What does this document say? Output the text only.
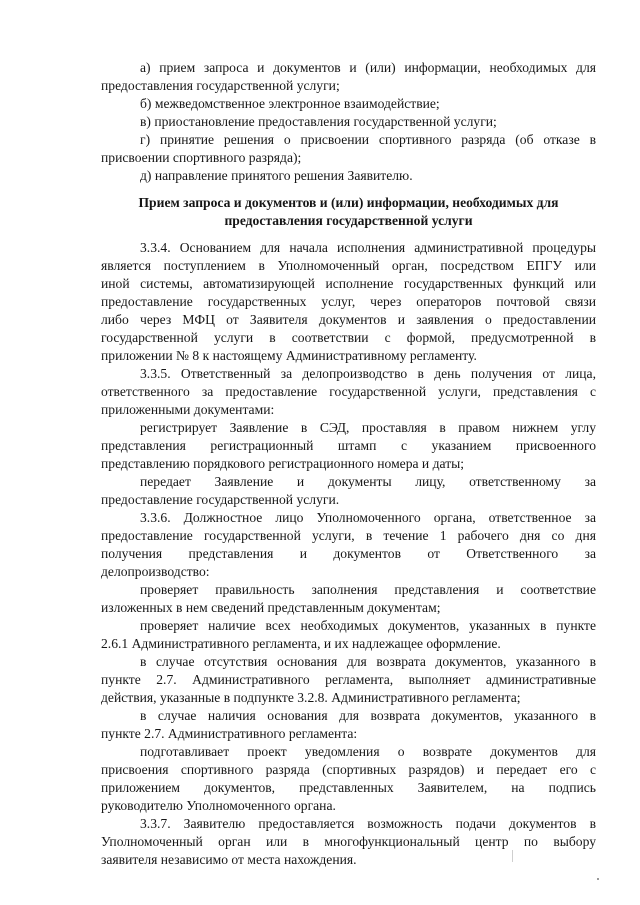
а) прием запроса и документов и (или) информации, необходимых для
предоставления государственной услуги;
б) межведомственное электронное взаимодействие;
в) приостановление предоставления государственной услуги;
г) принятие решения о присвоении спортивного разряда (об отказе в
присвоении спортивного разряда);
д) направление принятого решения Заявителю.
Прием запроса и документов и (или) информации, необходимых для
предоставления государственной услуги
3.3.4. Основанием для начала исполнения административной процедуры
является поступлением в Уполномоченный орган, посредством ЕПГУ или
иной системы, автоматизирующей исполнение государственных функций или
предоставление государственных услуг, через операторов почтовой связи
либо через МФЦ от Заявителя документов и заявления о предоставлении
государственной услуги в соответствии с формой, предусмотренной в
приложении № 8 к настоящему Административному регламенту.
3.3.5. Ответственный за делопроизводство в день получения от лица,
ответственного за предоставление государственной услуги, представления с
приложенными документами:
регистрирует Заявление в СЭД, проставляя в правом нижнем углу
представления регистрационный штамп с указанием присвоенного
представлению порядкового регистрационного номера и даты;
передает Заявление и документы лицу, ответственному за
предоставление государственной услуги.
3.3.6. Должностное лицо Уполномоченного органа, ответственное за
предоставление государственной услуги, в течение 1 рабочего дня со дня
получения представления и документов от Ответственного за
делопроизводство:
проверяет правильность заполнения представления и соответствие
изложенных в нем сведений представленным документам;
проверяет наличие всех необходимых документов, указанных в пункте
2.6.1 Административного регламента, и их надлежащее оформление.
в случае отсутствия основания для возврата документов, указанного в
пункте 2.7. Административного регламента, выполняет административные
действия, указанные в подпункте 3.2.8. Административного регламента;
в случае наличия основания для возврата документов, указанного в
пункте 2.7. Административного регламента:
подготавливает проект уведомления о возврате документов для
присвоения спортивного разряда (спортивных разрядов) и передает его с
приложением документов, представленных Заявителем, на подпись
руководителю Уполномоченного органа.
3.3.7. Заявителю предоставляется возможность подачи документов в
Уполномоченный орган или в многофункциональный центр по выбору
заявителя независимо от места нахождения.
